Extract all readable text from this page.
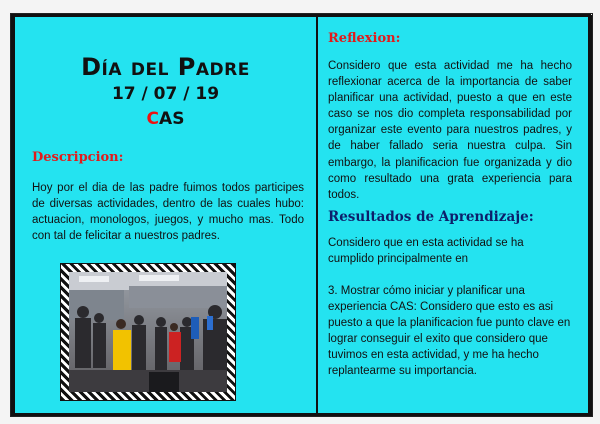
Día del Padre
17 / 07 / 19
CAS
Descripcion:

Hoy por el dia de las padre fuimos todos participes de diversas actividades, dentro de las cuales hubo: actuacion, monologos, juegos, y mucho mas. Todo con tal de felicitar a nuestros padres.

Reflexion:

Considero que esta actividad me ha hecho reflexionar acerca de la importancia de saber planificar una actividad, puesto a que en este caso se nos dio completa responsabilidad por organizar este evento para nuestros padres, y de haber fallado seria nuestra culpa. Sin embargo, la planificacion fue organizada y dio como resultado una grata experiencia para todos.

Resultados de Aprendizaje:

Considero que en esta actividad se ha cumplido principalmente en

3. Mostrar cómo iniciar y planificar una experiencia CAS: Considero que esto es asi puesto a que la planificacion fue punto clave en lograr conseguir el exito que considero que tuvimos en esta actividad, y me ha hecho replantearme su importancia.
